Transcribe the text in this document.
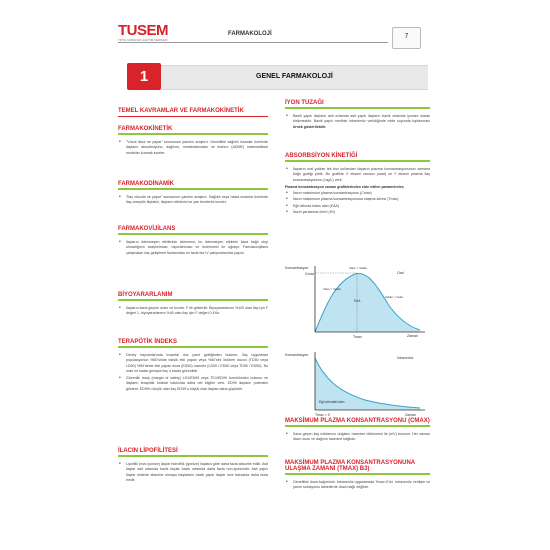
TUSEM
TIPTA UZMANLIK EĞİTİM MERKEZİ
FARMAKOLOJİ	7
1	GENEL FARMAKOLOJİ
TEMEL KAVRAMLAR VE FARMAKOKİNETİK
FARMAKOKİNETİK
• "Vücut ilaca ne yapar" sorusunun yanıtını araştırır. Genellikle sağlıklı insanlar üzerinde ilaçların absorbsiyonu, dağılımı, metabolizmaları ve itrahını (ADME) matematiksel modeller kurarak inceler.
FARMAKODİNAMİK
• "İlaç vücuda ne yapar" sorusunun yanıtını araştırır. Sağlıklı veya hasta insanlar üzerinde ilaç-reseptör ilişkisini, ilaçların etkilerini ve yan tesirlerini inceler.
FARMAKOVİJİLANS
• İlaçların istenmeyen etkilerinin izlenmesi, bu istenmeyen etkilerin ilaca bağlı olup olmadığının araştırılması, raporlanması ve önlenmesi ile uğraşır. Farmakovijilans çalışmaları ilaç geliştirme fazlarından en fazla faz IV çalışmalarında yapılır.
BİYOYARARLANIM
• İlaçların kana geçme oranı ve hızıdır. F ile gösterilir. Biyoyararlanımı %100 olan ilaç için F değeri 1, biyoyararlanımı %40 olan ilaç için F değeri 0,4'tür.
TERAPÖTİK İNDEKS
• Deney hayvanlarında luvantal doz yanıt grafiğinden bulunur. İlaç uygulanan populasyonun %50'sinde toksik etki yapan veya %50'sini öldüren dozun (TD50 veya LD50) %50'sinde etki yapan doza (ED50) oranıdır (LD50 / ED50 veya TD50 / ED50). Bu oran ne kadar genişse ilaç o kadar güvenlidir.
• Güvenlik marjı (margin of safety) LD1/ED99 veya TD1/ED99 formülünden bulunur ve ilaçların terapötik indeksi hakkında daha net bilgiler verir. ED99 ilaçların potensini gösterir. ED99'u küçük olan ilaç ED99'u büyük olan ilaçtan daha güçlüdür.
İLACIN LİPOFİLİTESİ
• Lipofilik (non-iyonize) ilaçlar hidrofilik (iyonize) ilaçlara göre daha fazla absorbe edilir. Asit ilaçlar asit ortamda bazik ilaçlar bazik ortamda daha fazla non-iyonizedir. Asit yapılı ilaçlar midede absorbe olmaya başlarken bazik yapılı ilaçlar ince barsakta daha fazla emilir.
İYON TUZAĞI
• Bazik yapılı ilaçların asit ortamda asit yapılı ilaçların bazik ortamda iyonize olarak birikmesidir. Bazik yapılı morfinin intravenöz verildiğinde mide suyunda toplanması örnek gösterilebilir.
ABSORBSİYON KİNETİĞİ
• İlaçların oral yoldan tek doz kullanılan ilaçların plazma konsantrasyonunun zamana bağlı grafiği çizilir. Bu grafikte X ekseni zamanı (saat) ve Y ekseni plazma ilaç konsantrasyonunu (mg/L) verir.
Plazma konsantrasyon zaman grafiklerinden elde edilen parametreler;
• İlacın maksimum plazma konsantrasyonu (Cmax)
• İlacın maksimum plazma konsantrasyonuna ulaşma süresi (Tmax)
• Eğri altında kalan alan (EAA)
• İlacın yarılanma ömrü (t½)
MAKSİMUM PLAZMA KONSANTRASYONU (CMAX)
• Kana geçen ilaç miktarının doğalını hacmine bölünmesi ile (n/V) bulunur. Her zaman ilacın dozu ve dağılım hacmine bağlıdır.
MAKSİMUM PLAZMA KONSANTRASYONUNA ULAŞMA ZAMANI (TMAX) B3)
• Genellikle doza bağımlıdır. İntravenöz uygulamada Tmax=0'dır. İntravenöz verilişte ve yarım solüsyonlu tabletlerde doza bağlı değildir.
Konsantrasyon
Cmax
Veko > Veliko
Oral
Veko > Veliko
Veliko > Veko
EAA
Tmax	Zaman
Konsantrasyon
İntravenöz
Eğri altındaki alan
Tmax = 0	Zaman
